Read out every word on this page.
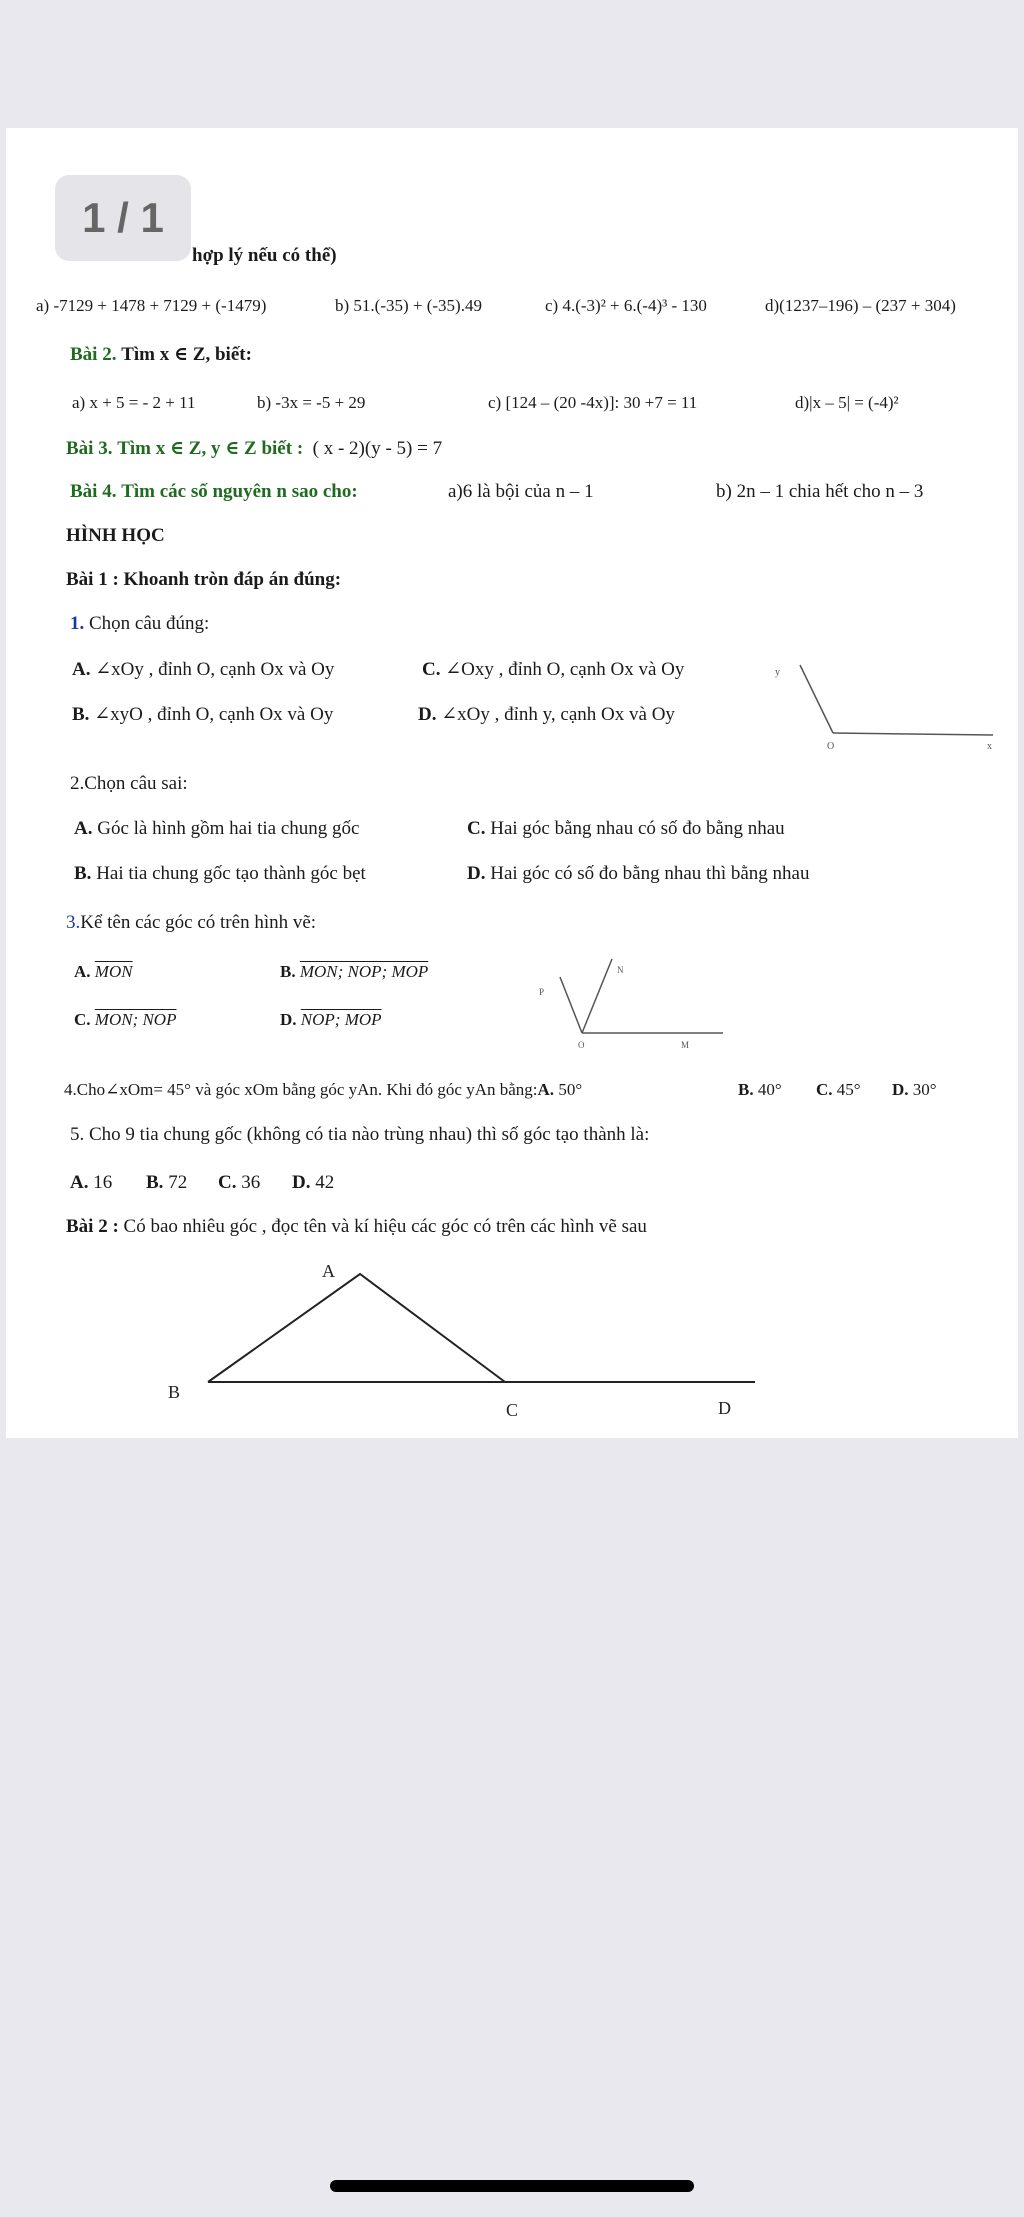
hợp lý nếu có thể)
a) -7129 + 1478 + 7129 + (-1479)	b) 51.(-35) + (-35).49	c) 4.(-3)² + 6.(-4)³ - 130	d)(1237–196) – (237 + 304)
Bài 2. Tìm x ∈ Z, biết:
a) x + 5 = - 2 + 11	b) -3x = -5 + 29	c) [124 – (20 -4x)]: 30 +7 = 11	d)|x – 5| = (-4)²
Bài 3. Tìm x ∈ Z, y ∈ Z biết : ( x - 2)(y - 5) = 7
Bài 4. Tìm các số nguyên n sao cho:	a)6 là bội của n – 1	b) 2n – 1 chia hết cho n – 3
HÌNH HỌC
Bài 1 : Khoanh tròn đáp án đúng:
1. Chọn câu đúng:
A. ∠xOy , đỉnh O, cạnh Ox và Oy	C. ∠Oxy , đỉnh O, cạnh Ox và Oy
B. ∠xyO , đỉnh O, cạnh Ox và Oy	D. ∠xOy , đỉnh y, cạnh Ox và Oy
y
O	x
2.Chọn câu sai:
A. Góc là hình gồm hai tia chung gốc	C. Hai góc bằng nhau có số đo bằng nhau
B. Hai tia chung gốc tạo thành góc bẹt	D. Hai góc có số đo bằng nhau thì bằng nhau
3.Kể tên các góc có trên hình vẽ:
A. $\overline{MON}$	B. MON; NOP; MOP
C. MON; NOP	D. NOP; MOP
P
N
O	M
4.Cho∠xOm= 45° và góc xOm bằng góc yAn. Khi đó góc yAn bằng:A. 50°	B. 40° C. 45° D. 30°
5. Cho 9 tia chung gốc (không có tia nào trùng nhau) thì số góc tạo thành là:
A. 16 B. 72 C. 36 D. 42
Bài 2 : Có bao nhiêu góc , đọc tên và kí hiệu các góc có trên các hình vẽ sau
A
B
C	D
1 / 1
